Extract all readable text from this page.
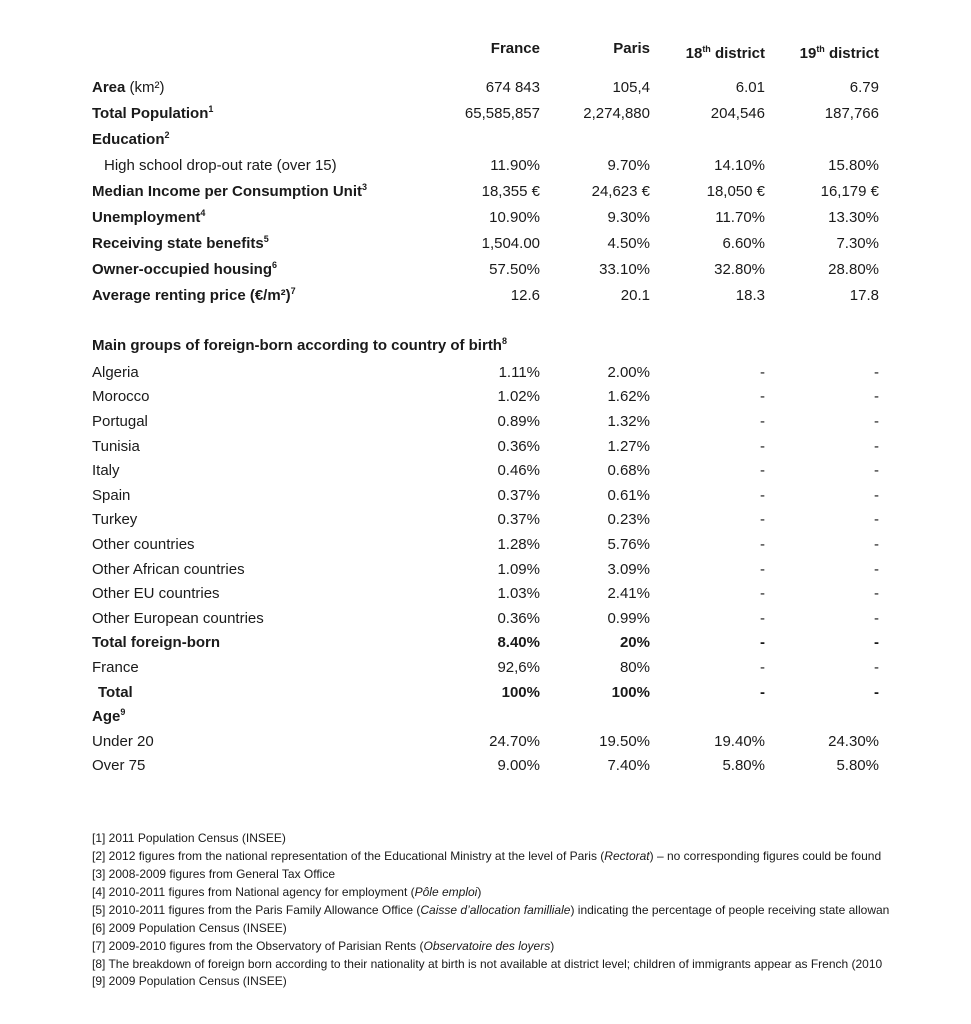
France	Paris	18th district	19th district
Area (km²)	674 843	105,4	6.01	6.79
Total Population$^1$	65,585,857	2,274,880	204,546	187,766
Education$^2$
High school drop-out rate (over 15)	11.90%	9.70%	14.10%	15.80%
Median Income per Consumption Unit$^3$	18,355 €	24,623 €	18,050 €	16,179 €
Unemployment$^4$	10.90%	9.30%	11.70%	13.30%
Receiving state benefits$^5$	1,504.00	4.50%	6.60%	7.30%
Owner-occupied housing$^6$	57.50%	33.10%	32.80%	28.80%
Average renting price (€/m²)$^7$	12.6	20.1	18.3	17.8
Main groups of foreign-born according to country of birth$^8$
Algeria	1.11%	2.00%	-	-
Morocco	1.02%	1.62%	-	-
Portugal	0.89%	1.32%	-	-
Tunisia	0.36%	1.27%	-	-
Italy	0.46%	0.68%	-	-
Spain	0.37%	0.61%	-	-
Turkey	0.37%	0.23%	-	-
Other countries	1.28%	5.76%	-	-
Other African countries	1.09%	3.09%	-	-
Other EU countries	1.03%	2.41%	-	-
Other European countries	0.36%	0.99%	-	-
Total foreign-born	8.40%	20%	-	-
France	92,6%	80%	-	-
Total	100%	100%	-	-
Age$^9$
Under 20	24.70%	19.50%	19.40%	24.30%
Over 75	9.00%	7.40%	5.80%	5.80%
[1] 2011 Population Census (INSEE)
[2] 2012 figures from the national representation of the Educational Ministry at the level of Paris (Rectorat) – no corresponding figures could be found
[3] 2008-2009 figures from General Tax Office
[4] 2010-2011 figures from National agency for employment (Pôle emploi)
[5] 2010-2011 figures from the Paris Family Allowance Office (Caisse d’allocation familliale) indicating the percentage of people receiving state allowan
[6] 2009 Population Census (INSEE)
[7] 2009-2010 figures from the Observatory of Parisian Rents (Observatoire des loyers)
[8] The breakdown of foreign born according to their nationality at birth is not available at district level; children of immigrants appear as French (2010
[9] 2009 Population Census (INSEE)
